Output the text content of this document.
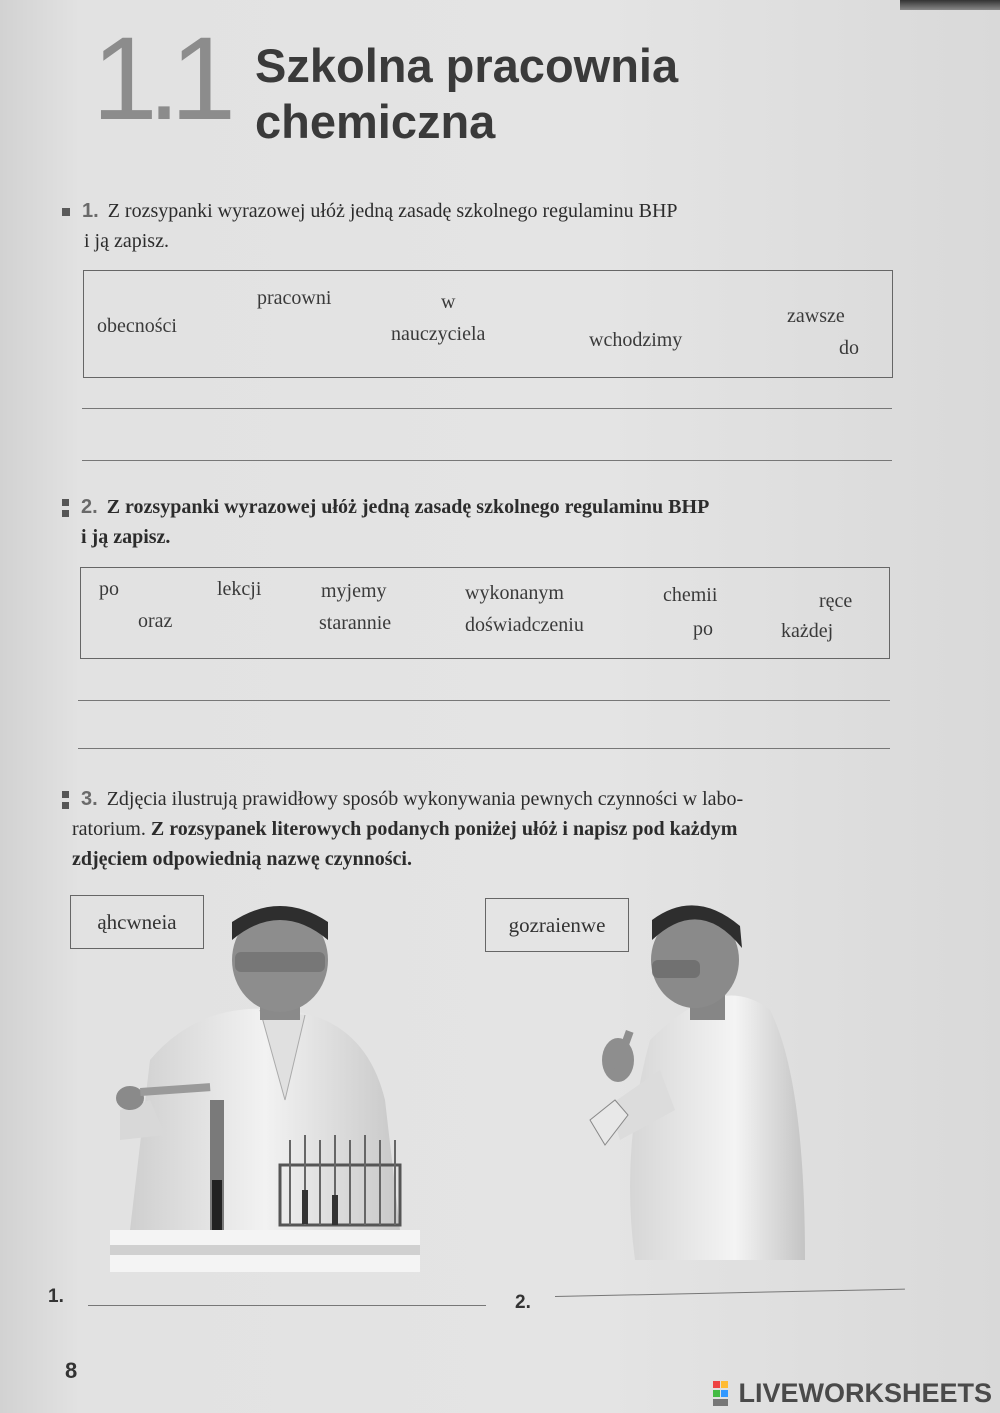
1.1 Szkolna pracownia
chemiczna
1. Z rozsypanki wyrazowej ułóż jedną zasadę szkolnego regulaminu BHP
i ją zapisz.
pracowni	w
zawsze
obecności	nauczyciela	wchodzimy	do
2. Z rozsypanki wyrazowej ułóż jedną zasadę szkolnego regulaminu BHP
i ją zapisz.
po	lekcji	myjemy	wykonanym	chemii	ręce
oraz	starannie	doświadczeniu	po	każdej
3. Zdjęcia ilustrują prawidłowy sposób wykonywania pewnych czynności w labo-
ratorium. Z rozsypanek literowych podanych poniżej ułóż i napisz pod każdym
zdjęciem odpowiednią nazwę czynności.
ąhcwneia	gozraienwe
1.	2.
8
LIVEWORKSHEETS
